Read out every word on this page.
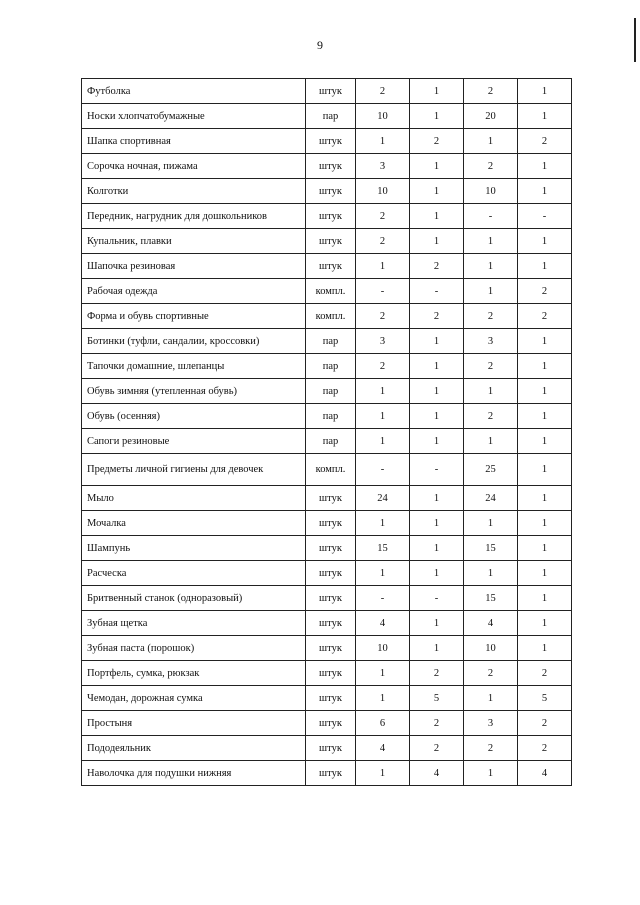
9
Футболка	штук	2	1	2	1
Носки хлопчатобумажные	пар	10	1	20	1
Шапка спортивная	штук	1	2	1	2
Сорочка ночная, пижама	штук	3	1	2	1
Колготки	штук	10	1	10	1
Передник, нагрудник для дошкольников	штук	2	1	-	-
Купальник, плавки	штук	2	1	1	1
Шапочка резиновая	штук	1	2	1	1
Рабочая одежда	компл.	-	-	1	2
Форма и обувь спортивные	компл.	2	2	2	2
Ботинки (туфли, сандалии, кроссовки)	пар	3	1	3	1
Тапочки домашние, шлепанцы	пар	2	1	2	1
Обувь зимняя (утепленная обувь)	пар	1	1	1	1
Обувь (осенняя)	пар	1	1	2	1
Сапоги резиновые	пар	1	1	1	1
Предметы личной гигиены для девочек	компл.	-	-	25	1
Мыло	штук	24	1	24	1
Мочалка	штук	1	1	1	1
Шампунь	штук	15	1	15	1
Расческа	штук	1	1	1	1
Бритвенный станок (одноразовый)	штук	-	-	15	1
Зубная щетка	штук	4	1	4	1
Зубная паста (порошок)	штук	10	1	10	1
Портфель, сумка, рюкзак	штук	1	2	2	2
Чемодан, дорожная сумка	штук	1	5	1	5
Простыня	штук	6	2	3	2
Пододеяльник	штук	4	2	2	2
Наволочка для подушки нижняя	штук	1	4	1	4
